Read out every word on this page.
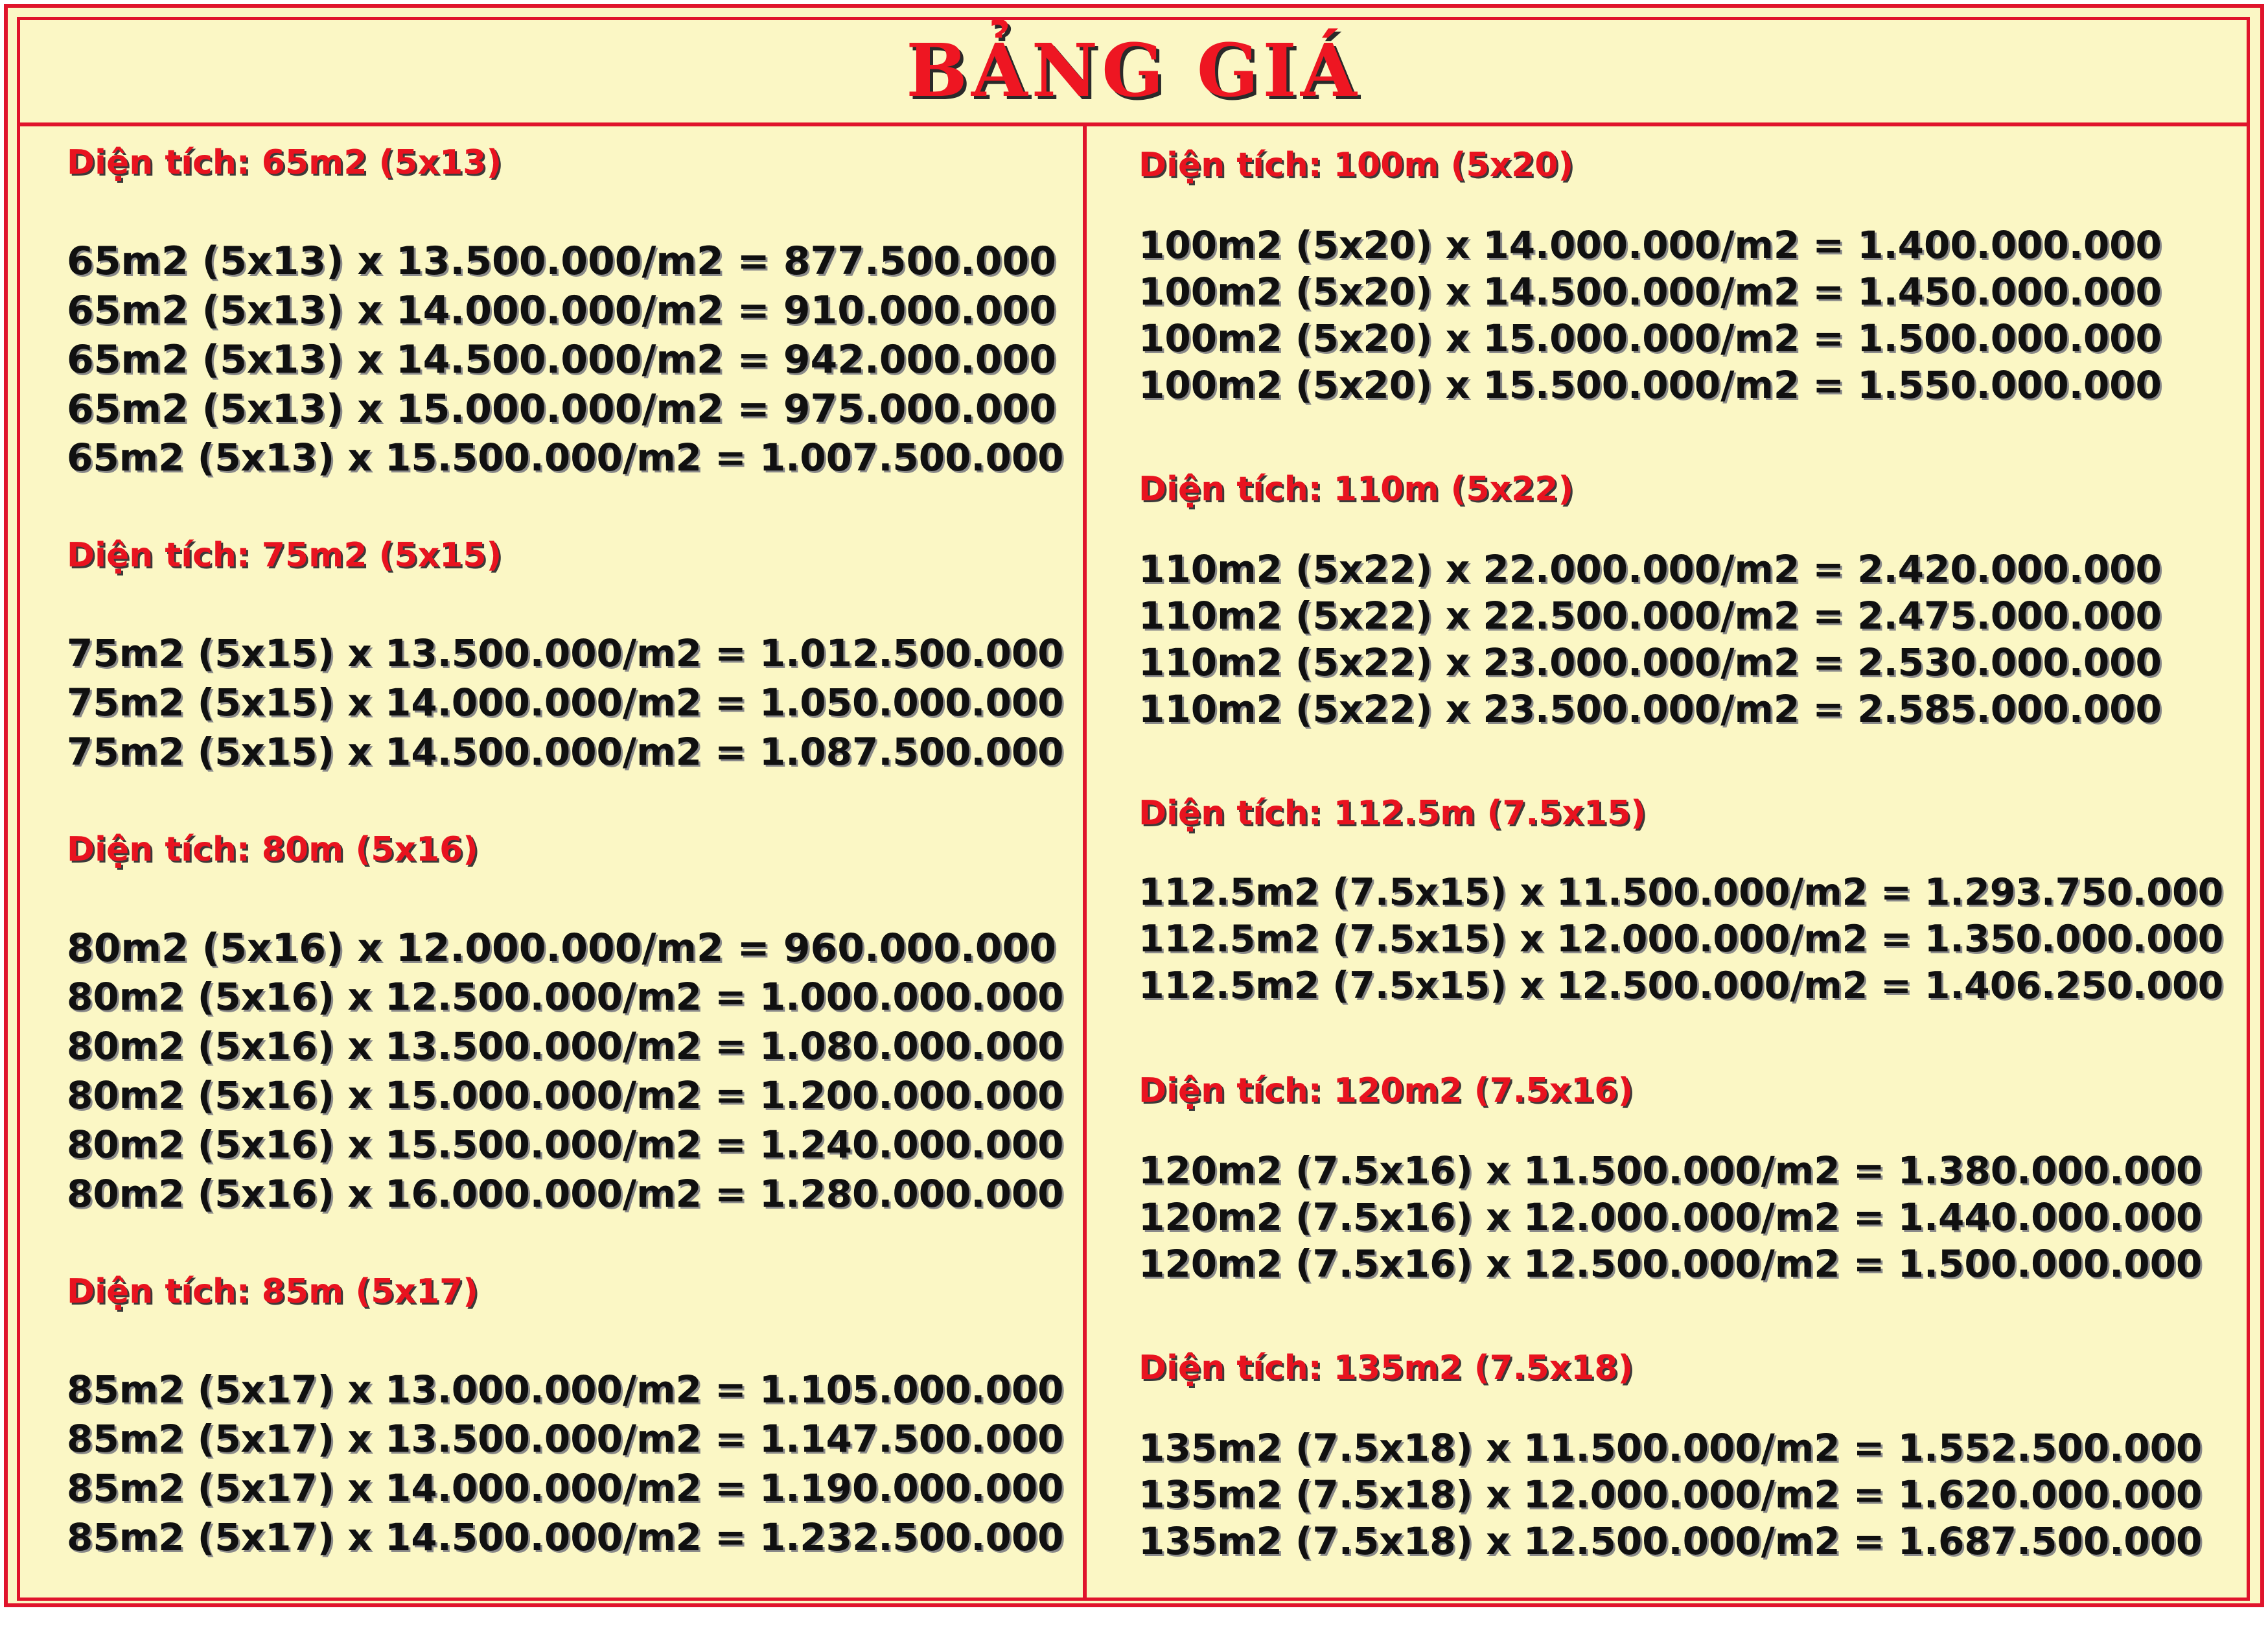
BẢNG GIÁ
Diện tích: 65m2 (5x13)
65m2 (5x13) x 13.500.000/m2 = 877.500.000
65m2 (5x13) x 14.000.000/m2 = 910.000.000
65m2 (5x13) x 14.500.000/m2 = 942.000.000
65m2 (5x13) x 15.000.000/m2 = 975.000.000
65m2 (5x13) x 15.500.000/m2 = 1.007.500.000
Diện tích: 75m2 (5x15)
75m2 (5x15) x 13.500.000/m2 = 1.012.500.000
75m2 (5x15) x 14.000.000/m2 = 1.050.000.000
75m2 (5x15) x 14.500.000/m2 = 1.087.500.000
Diện tích: 80m (5x16)
80m2 (5x16) x 12.000.000/m2 = 960.000.000
80m2 (5x16) x 12.500.000/m2 = 1.000.000.000
80m2 (5x16) x 13.500.000/m2 = 1.080.000.000
80m2 (5x16) x 15.000.000/m2 = 1.200.000.000
80m2 (5x16) x 15.500.000/m2 = 1.240.000.000
80m2 (5x16) x 16.000.000/m2 = 1.280.000.000
Diện tích: 85m (5x17)
85m2 (5x17) x 13.000.000/m2 = 1.105.000.000
85m2 (5x17) x 13.500.000/m2 = 1.147.500.000
85m2 (5x17) x 14.000.000/m2 = 1.190.000.000
85m2 (5x17) x 14.500.000/m2 = 1.232.500.000
Diện tích: 100m (5x20)
100m2 (5x20) x 14.000.000/m2 = 1.400.000.000
100m2 (5x20) x 14.500.000/m2 = 1.450.000.000
100m2 (5x20) x 15.000.000/m2 = 1.500.000.000
100m2 (5x20) x 15.500.000/m2 = 1.550.000.000
Diện tích: 110m (5x22)
110m2 (5x22) x 22.000.000/m2 = 2.420.000.000
110m2 (5x22) x 22.500.000/m2 = 2.475.000.000
110m2 (5x22) x 23.000.000/m2 = 2.530.000.000
110m2 (5x22) x 23.500.000/m2 = 2.585.000.000
Diện tích: 112.5m (7.5x15)
112.5m2 (7.5x15) x 11.500.000/m2 = 1.293.750.000
112.5m2 (7.5x15) x 12.000.000/m2 = 1.350.000.000
112.5m2 (7.5x15) x 12.500.000/m2 = 1.406.250.000
Diện tích: 120m2 (7.5x16)
120m2 (7.5x16) x 11.500.000/m2 = 1.380.000.000
120m2 (7.5x16) x 12.000.000/m2 = 1.440.000.000
120m2 (7.5x16) x 12.500.000/m2 = 1.500.000.000
Diện tích: 135m2 (7.5x18)
135m2 (7.5x18) x 11.500.000/m2 = 1.552.500.000
135m2 (7.5x18) x 12.000.000/m2 = 1.620.000.000
135m2 (7.5x18) x 12.500.000/m2 = 1.687.500.000
